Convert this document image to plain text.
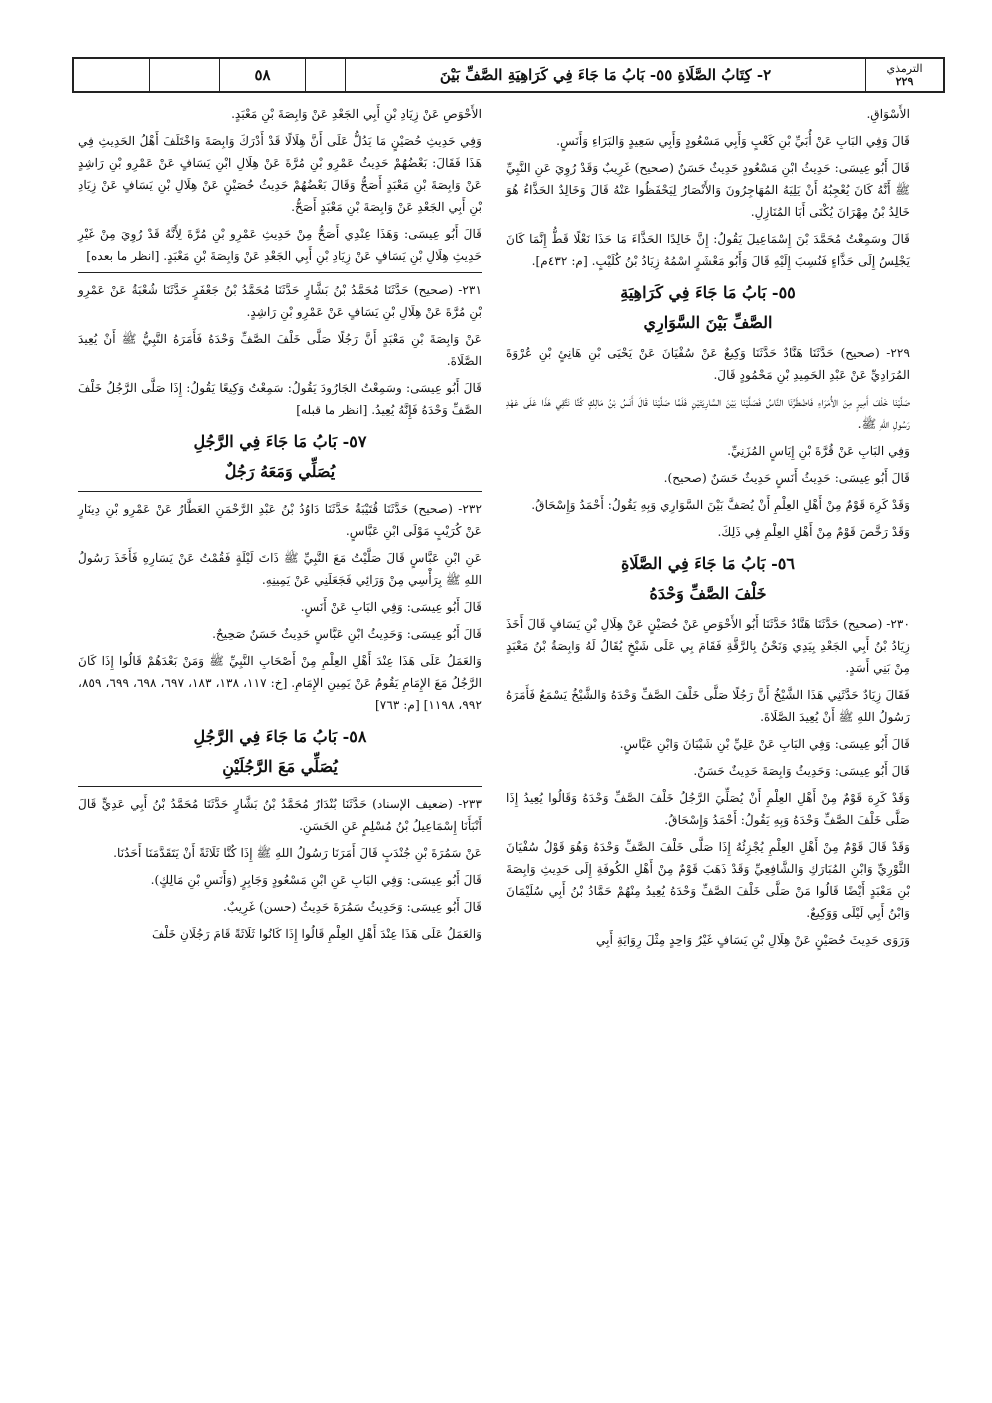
الترمذي
٢٢٩
٢- كِتَابُ الصَّلَاةِ ٥٥- بَابُ مَا جَاءَ فِي كَرَاهِيَةِ الصَّفِّ بَيْنَ
٥٨

الأَسْوَاقِ.

قَالَ وَفِي البَابِ عَنْ أُبَيِّ بْنِ كَعْبٍ وَأَبِي مَسْعُودٍ وَأَبِي سَعِيدٍ وَالبَرَاءِ وَأَنَسٍ.

قَالَ أَبُو عِيسَى: حَدِيثُ ابْنِ مَسْعُودٍ حَدِيثٌ حَسَنٌ (صحيح) غَرِيبٌ وَقَدْ رُوِيَ عَنِ النَّبِيِّ ﷺ أَنَّهُ كَانَ يُعْجِبُهُ أَنْ يَلِيَهُ المُهَاجِرُونَ وَالأَنْصَارُ لِيَحْفَظُوا عَنْهُ قَالَ وَخَالِدٌ الحَذَّاءُ هُوَ خَالِدُ بْنُ مِهْرَانَ يُكْنَى أَبَا المُنَازِلِ.

قَالَ وسَمِعْتُ مُحَمَّدَ بْنَ إِسْمَاعِيلَ يَقُولُ: إِنَّ خَالِدًا الحَذَّاءَ مَا حَذَا نَعْلًا قَطُّ إِنَّمَا كَانَ يَجْلِسُ إِلَى حَذَّاءٍ فَنُسِبَ إِلَيْهِ قَالَ وَأَبُو مَعْشَرٍ اسْمُهُ زِيَادُ بْنُ كُلَيْبٍ. [م: ٤٣٢م].

٥٥- بَابُ مَا جَاءَ فِي كَرَاهِيَةِ
الصَّفِّ بَيْنَ السَّوَارِي

٢٢٩- (صحيح) حَدَّثَنَا هَنَّادٌ حَدَّثَنَا وَكِيعٌ عَنْ سُفْيَانَ عَنْ يَحْيَى بْنِ هَانِئٍ بْنِ عُرْوَةَ المُرَادِيِّ عَنْ عَبْدِ الحَمِيدِ بْنِ مَحْمُودٍ قَالَ.

صَلَّيْنَا خَلْفَ أَمِيرٍ مِنَ الأُمَرَاءِ فَاضْطَرَّنَا النَّاسُ فَصَلَّيْنَا بَيْنَ السَّارِيَتَيْنِ فَلَمَّا صَلَّيْنَا قَالَ أَنَسُ بْنُ مَالِكٍ كُنَّا نَتَّقِي هَذَا عَلَى عَهْدِ رَسُولِ اللهِ ﷺ.

وَفِي البَابِ عَنْ قُرَّةَ بْنِ إِيَاسٍ المُزَنِيِّ.

قَالَ أَبُو عِيسَى: حَدِيثُ أَنَسٍ حَدِيثٌ حَسَنٌ (صحيح).

وَقَدْ كَرِهَ قَوْمٌ مِنْ أَهْلِ العِلْمِ أَنْ يُصَفَّ بَيْنَ السَّوَارِي وَبِهِ يَقُولُ: أَحْمَدُ وَإِسْحَاقُ.

وَقَدْ رَخَّصَ قَوْمٌ مِنْ أَهْلِ العِلْمِ فِي ذَلِكَ.

٥٦- بَابُ مَا جَاءَ فِي الصَّلَاةِ
خَلْفَ الصَّفِّ وَحْدَهُ

٢٣٠- (صحيح) حَدَّثَنَا هَنَّادٌ حَدَّثَنَا أَبُو الأَحْوَصِ عَنْ حُصَيْنٍ عَنْ هِلَالِ بْنِ يَسَافٍ قَالَ أَخَذَ زِيَادُ بْنُ أَبِي الجَعْدِ بِيَدِي وَنَحْنُ بِالرَّقَّةِ فَقَامَ بِي عَلَى شَيْخٍ يُقَالُ لَهُ وَابِصَةُ بْنُ مَعْبَدٍ مِنْ بَنِي أَسَدٍ.

فَقَالَ زِيَادٌ حَدَّثَنِي هَذَا الشَّيْخُ أَنَّ رَجُلًا صَلَّى خَلْفَ الصَّفِّ وَحْدَهُ وَالشَّيْخُ يَسْمَعُ فَأَمَرَهُ رَسُولُ اللهِ ﷺ أَنْ يُعِيدَ الصَّلَاةَ.

قَالَ أَبُو عِيسَى: وَفِي البَابِ عَنْ عَلِيِّ بْنِ شَيْبَانَ وَابْنِ عَبَّاسٍ.

قَالَ أَبُو عِيسَى: وَحَدِيثُ وَابِصَةَ حَدِيثٌ حَسَنٌ.

وَقَدْ كَرِهَ قَوْمٌ مِنْ أَهْلِ العِلْمِ أَنْ يُصَلِّيَ الرَّجُلُ خَلْفَ الصَّفِّ وَحْدَهُ وَقَالُوا يُعِيدُ إِذَا صَلَّى خَلْفَ الصَّفِّ وَحْدَهُ وَبِهِ يَقُولُ: أَحْمَدُ وَإِسْحَاقُ.

وَقَدْ قَالَ قَوْمٌ مِنْ أَهْلِ العِلْمِ يُجْزِئُهُ إِذَا صَلَّى خَلْفَ الصَّفِّ وَحْدَهُ وَهُوَ قَوْلُ سُفْيَانَ الثَّوْرِيِّ وَابْنِ المُبَارَكِ وَالشَّافِعِيِّ وَقَدْ ذَهَبَ قَوْمٌ مِنْ أَهْلِ الكُوفَةِ إِلَى حَدِيثِ وَابِصَةَ بْنِ مَعْبَدٍ أَيْضًا قَالُوا مَنْ صَلَّى خَلْفَ الصَّفِّ وَحْدَهُ يُعِيدُ مِنْهُمْ حَمَّادُ بْنُ أَبِي سُلَيْمَانَ وَابْنُ أَبِي لَيْلَى وَوَكِيعٌ.

وَرَوَى حَدِيثَ حُصَيْنٍ عَنْ هِلَالِ بْنِ يَسَافٍ غَيْرُ وَاحِدٍ مِثْلَ رِوَايَةِ أَبِي

الأَحْوَصِ عَنْ زِيَادِ بْنِ أَبِي الجَعْدِ عَنْ وَابِصَةَ بْنِ مَعْبَدٍ.

وَفِي حَدِيثِ حُصَيْنٍ مَا يَدُلُّ عَلَى أَنَّ هِلَالًا قَدْ أَدْرَكَ وَابِصَةَ وَاخْتَلَفَ أَهْلُ الحَدِيثِ فِي هَذَا فَقَالَ: بَعْضُهُمْ حَدِيثُ عَمْرِو بْنِ مُرَّةَ عَنْ هِلَالِ ابْنِ يَسَافٍ عَنْ عَمْرِو بْنِ رَاشِدٍ عَنْ وَابِصَةَ بْنِ مَعْبَدٍ أَصَحُّ وَقَالَ بَعْضُهُمْ حَدِيثُ حُصَيْنٍ عَنْ هِلَالِ بْنِ يَسَافٍ عَنْ زِيَادِ بْنِ أَبِي الجَعْدِ عَنْ وَابِصَةَ بْنِ مَعْبَدٍ أَصَحُّ.

قَالَ أَبُو عِيسَى: وَهَذَا عِنْدِي أَصَحُّ مِنْ حَدِيثِ عَمْرِو بْنِ مُرَّةَ لِأَنَّهُ قَدْ رُوِيَ مِنْ غَيْرِ حَدِيثِ هِلَالِ بْنِ يَسَافٍ عَنْ زِيَادِ بْنِ أَبِي الجَعْدِ عَنْ وَابِصَةَ بْنِ مَعْبَدٍ. [انظر ما بعده]

٢٣١- (صحيح) حَدَّثَنَا مُحَمَّدُ بْنُ بَشَّارٍ حَدَّثَنَا مُحَمَّدُ بْنُ جَعْفَرٍ حَدَّثَنَا شُعْبَةُ عَنْ عَمْرِو بْنِ مُرَّةَ عَنْ هِلَالِ بْنِ يَسَافٍ عَنْ عَمْرِو بْنِ رَاشِدٍ.

عَنْ وَابِصَةَ بْنِ مَعْبَدٍ أَنَّ رَجُلًا صَلَّى خَلْفَ الصَّفِّ وَحْدَهُ فَأَمَرَهُ النَّبِيُّ ﷺ أَنْ يُعِيدَ الصَّلَاةَ.

قَالَ أَبُو عِيسَى: وسَمِعْتُ الجَارُودَ يَقُولُ: سَمِعْتُ وَكِيعًا يَقُولُ: إِذَا صَلَّى الرَّجُلُ خَلْفَ الصَّفِّ وَحْدَهُ فَإِنَّهُ يُعِيدُ. [انظر ما قبله]

٥٧- بَابُ مَا جَاءَ فِي الرَّجُلِ
يُصَلِّي وَمَعَهُ رَجُلٌ

٢٣٢- (صحيح) حَدَّثَنَا قُتَيْبَةُ حَدَّثَنَا دَاوُدُ بْنُ عَبْدِ الرَّحْمَنِ العَطَّارُ عَنْ عَمْرِو بْنِ دِينَارٍ عَنْ كُرَيْبٍ مَوْلَى ابْنِ عَبَّاسٍ.

عَنِ ابْنِ عَبَّاسٍ قَالَ صَلَّيْتُ مَعَ النَّبِيِّ ﷺ ذَاتَ لَيْلَةٍ فَقُمْتُ عَنْ يَسَارِهِ فَأَخَذَ رَسُولُ اللهِ ﷺ بِرَأْسِي مِنْ وَرَائِي فَجَعَلَنِي عَنْ يَمِينِهِ.

قَالَ أَبُو عِيسَى: وَفِي البَابِ عَنْ أَنَسٍ.

قَالَ أَبُو عِيسَى: وَحَدِيثُ ابْنِ عَبَّاسٍ حَدِيثٌ حَسَنٌ صَحِيحٌ.

وَالعَمَلُ عَلَى هَذَا عِنْدَ أَهْلِ العِلْمِ مِنْ أَصْحَابِ النَّبِيِّ ﷺ وَمَنْ بَعْدَهُمْ قَالُوا إِذَا كَانَ الرَّجُلُ مَعَ الإِمَامِ يَقُومُ عَنْ يَمِينِ الإِمَامِ. [خ: ١١٧، ١٣٨، ١٨٣، ٦٩٧، ٦٩٨، ٦٩٩، ٨٥٩، ٩٩٢، ١١٩٨] [م: ٧٦٣]

٥٨- بَابُ مَا جَاءَ فِي الرَّجُلِ
يُصَلِّي مَعَ الرَّجُلَيْنِ

٢٣٣- (ضعيف الإسناد) حَدَّثَنَا بُنْدَارٌ مُحَمَّدُ بْنُ بَشَّارٍ حَدَّثَنَا مُحَمَّدُ بْنُ أَبِي عَدِيٍّ قَالَ أَنْبَأَنَا إِسْمَاعِيلُ بْنُ مُسْلِمٍ عَنِ الحَسَنِ.

عَنْ سَمُرَةَ بْنِ جُنْدَبٍ قَالَ أَمَرَنَا رَسُولُ اللهِ ﷺ إِذَا كُنَّا ثَلَاثَةً أَنْ يَتَقَدَّمَنَا أَحَدُنَا.

قَالَ أَبُو عِيسَى: وَفِي البَابِ عَنِ ابْنِ مَسْعُودٍ وَجَابِرٍ (وَأَنَسِ بْنِ مَالِكٍ).

قَالَ أَبُو عِيسَى: وَحَدِيثُ سَمُرَةَ حَدِيثٌ (حسن) غَرِيبٌ.

وَالعَمَلُ عَلَى هَذَا عِنْدَ أَهْلِ العِلْمِ قَالُوا إِذَا كَانُوا ثَلَاثَةً قَامَ رَجُلَانِ خَلْفَ
